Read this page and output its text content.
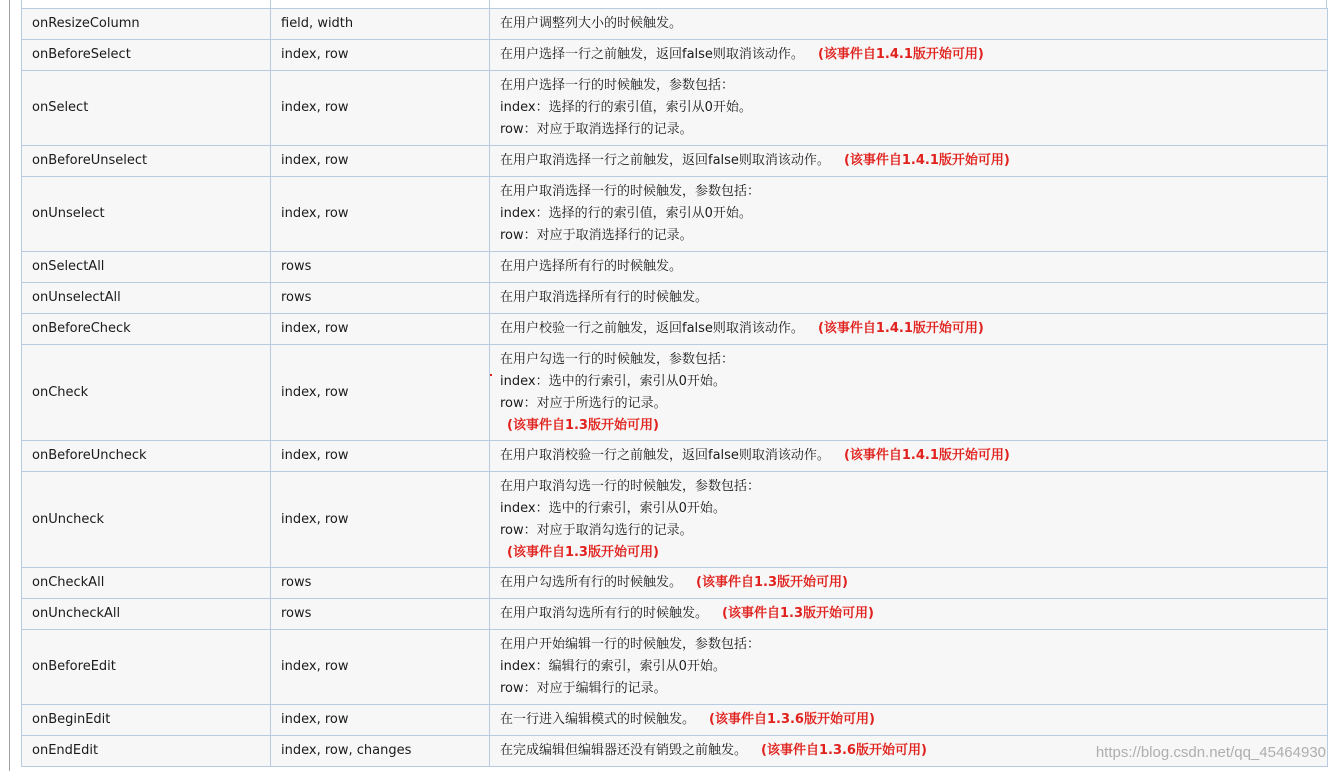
onResizeColumn	field, width	在用户调整列大小的时候触发。

onBeforeSelect	index, row	在用户选择一行之前触发，返回false则取消该动作。 (该事件自1.4.1版开始可用)

onSelect	index, row	在用户选择一行的时候触发，参数包括：
index：选择的行的索引值，索引从0开始。
row：对应于取消选择行的记录。

onBeforeUnselect	index, row	在用户取消选择一行之前触发，返回false则取消该动作。 (该事件自1.4.1版开始可用)

onUnselect	index, row	在用户取消选择一行的时候触发，参数包括：
index：选择的行的索引值，索引从0开始。
row：对应于取消选择行的记录。

onSelectAll	rows	在用户选择所有行的时候触发。

onUnselectAll	rows	在用户取消选择所有行的时候触发。

onBeforeCheck	index, row	在用户校验一行之前触发，返回false则取消该动作。 (该事件自1.4.1版开始可用)

onCheck	index, row	在用户勾选一行的时候触发，参数包括：
index：选中的行索引，索引从0开始。
row：对应于所选行的记录。
(该事件自1.3版开始可用)

onBeforeUncheck	index, row	在用户取消校验一行之前触发，返回false则取消该动作。 (该事件自1.4.1版开始可用)

onUncheck	index, row	在用户取消勾选一行的时候触发，参数包括：
index：选中的行索引，索引从0开始。
row：对应于取消勾选行的记录。
(该事件自1.3版开始可用)

onCheckAll	rows	在用户勾选所有行的时候触发。 (该事件自1.3版开始可用)

onUncheckAll	rows	在用户取消勾选所有行的时候触发。 (该事件自1.3版开始可用)

onBeforeEdit	index, row	在用户开始编辑一行的时候触发，参数包括：
index：编辑行的索引，索引从0开始。
row：对应于编辑行的记录。

onBeginEdit	index, row	在一行进入编辑模式的时候触发。 (该事件自1.3.6版开始可用)

onEndEdit	index, row, changes	在完成编辑但编辑器还没有销毁之前触发。 (该事件自1.3.6版开始可用)	https://blog.csdn.net/qq_45464930
